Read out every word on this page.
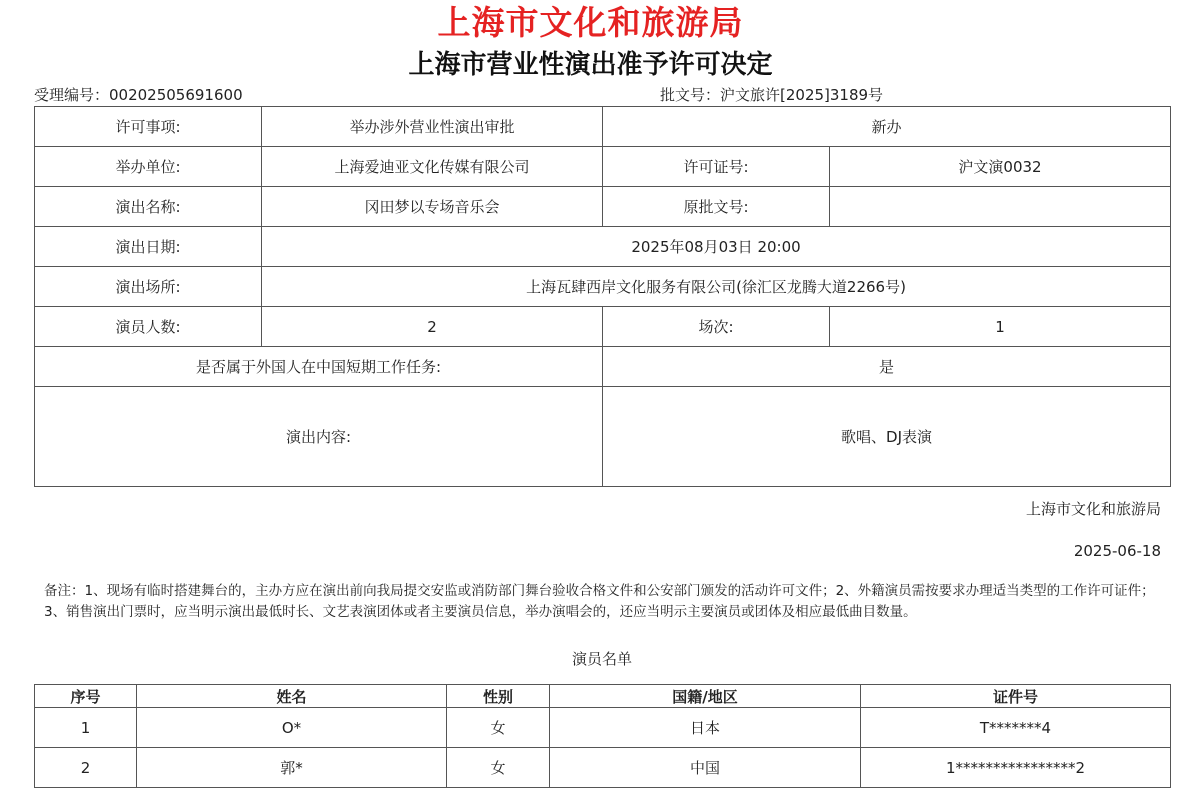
上海市文化和旅游局
上海市营业性演出准予许可决定
受理编号：00202505691600	批文号：沪文旅许[2025]3189号
许可事项:	举办涉外营业性演出审批	新办	
举办单位:	上海爱迪亚文化传媒有限公司	许可证号:	沪文演0032
演出名称:	冈田梦以专场音乐会	原批文号:	
演出日期:	2025年08月03日 20:00		
演出场所:	上海瓦肆西岸文化服务有限公司(徐汇区龙腾大道2266号)		
演员人数:	2	场次:	1
是否属于外国人在中国短期工作任务:		是	
演出内容:		歌唱、DJ表演	
上海市文化和旅游局
2025-06-18
备注：1、现场有临时搭建舞台的，主办方应在演出前向我局提交安监或消防部门舞台验收合格文件和公安部门颁发的活动许可文件；2、外籍演员需按要求办理适当类型的工作许可证件；3、销售演出门票时，应当明示演出最低时长、文艺表演团体或者主要演员信息，举办演唱会的，还应当明示主要演员或团体及相应最低曲目数量。
演员名单
序号	姓名	性别	国籍/地区	证件号
1	O*	女	日本	T*******4
2	郭*	女	中国	1****************2
